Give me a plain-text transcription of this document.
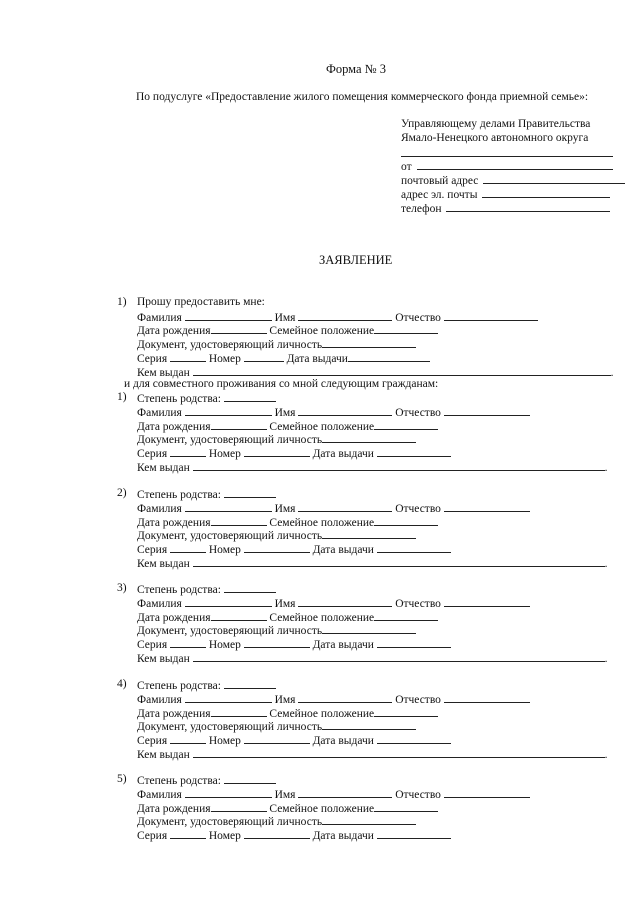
Форма № 3
По подуслуге «Предоставление жилого помещения коммерческого фонда приемной семье»:
Управляющему делами Правительства
Ямало-Ненецкого автономного округа
от
почтовый адрес
адрес эл. почты
телефон
ЗАЯВЛЕНИЕ
1) Прошу предоставить мне:
Фамилия	Имя	Отчество
Дата рождения	Семейное положение
Документ, удостоверяющий личность
Серия	Номер	Дата выдачи
Кем выдан	.
и для совместного проживания со мной следующим гражданам:
1) Степень родства:
Фамилия	Имя	Отчество
Дата рождения	Семейное положение
Документ, удостоверяющий личность
Серия	Номер	Дата выдачи
Кем выдан	.
2) Степень родства:
Фамилия	Имя	Отчество
Дата рождения	Семейное положение
Документ, удостоверяющий личность
Серия	Номер	Дата выдачи
Кем выдан	.
3) Степень родства:
Фамилия	Имя	Отчество
Дата рождения	Семейное положение
Документ, удостоверяющий личность
Серия	Номер	Дата выдачи
Кем выдан	.
4) Степень родства:
Фамилия	Имя	Отчество
Дата рождения	Семейное положение
Документ, удостоверяющий личность
Серия	Номер	Дата выдачи
Кем выдан	.
5) Степень родства:
Фамилия	Имя	Отчество
Дата рождения	Семейное положение
Документ, удостоверяющий личность
Серия	Номер	Дата выдачи
